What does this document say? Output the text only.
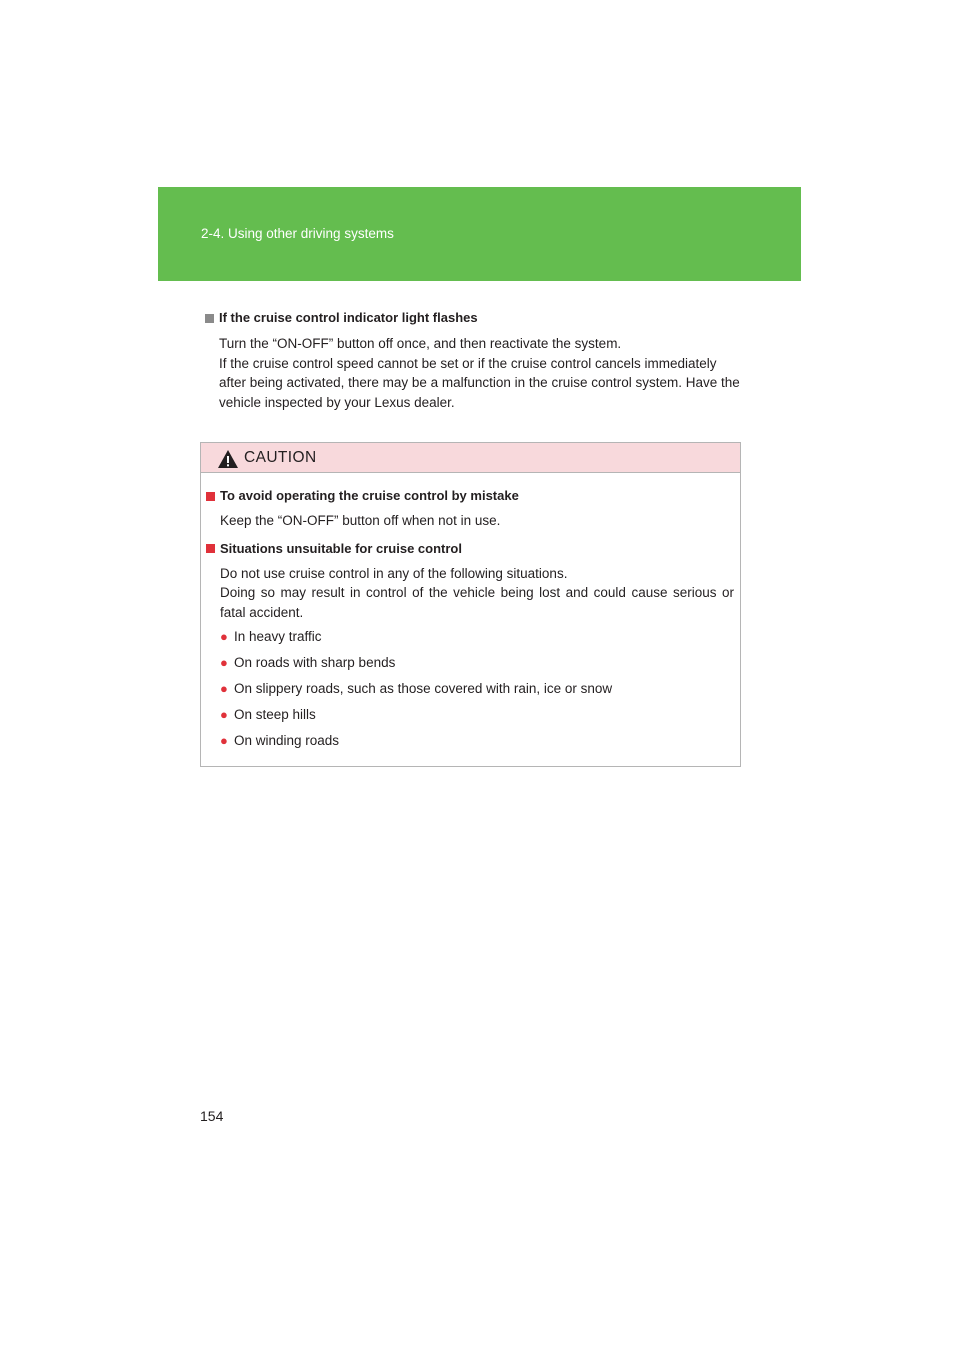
2-4. Using other driving systems
If the cruise control indicator light flashes

Turn the “ON-OFF” button off once, and then reactivate the system.

If the cruise control speed cannot be set or if the cruise control cancels immediately after being activated, there may be a malfunction in the cruise control system. Have the vehicle inspected by your Lexus dealer.

CAUTION
To avoid operating the cruise control by mistake

Keep the “ON-OFF” button off when not in use.

Situations unsuitable for cruise control

Do not use cruise control in any of the following situations.

Doing so may result in control of the vehicle being lost and could cause serious or fatal accident.

● In heavy traffic
● On roads with sharp bends
● On slippery roads, such as those covered with rain, ice or snow
● On steep hills
● On winding roads
154
